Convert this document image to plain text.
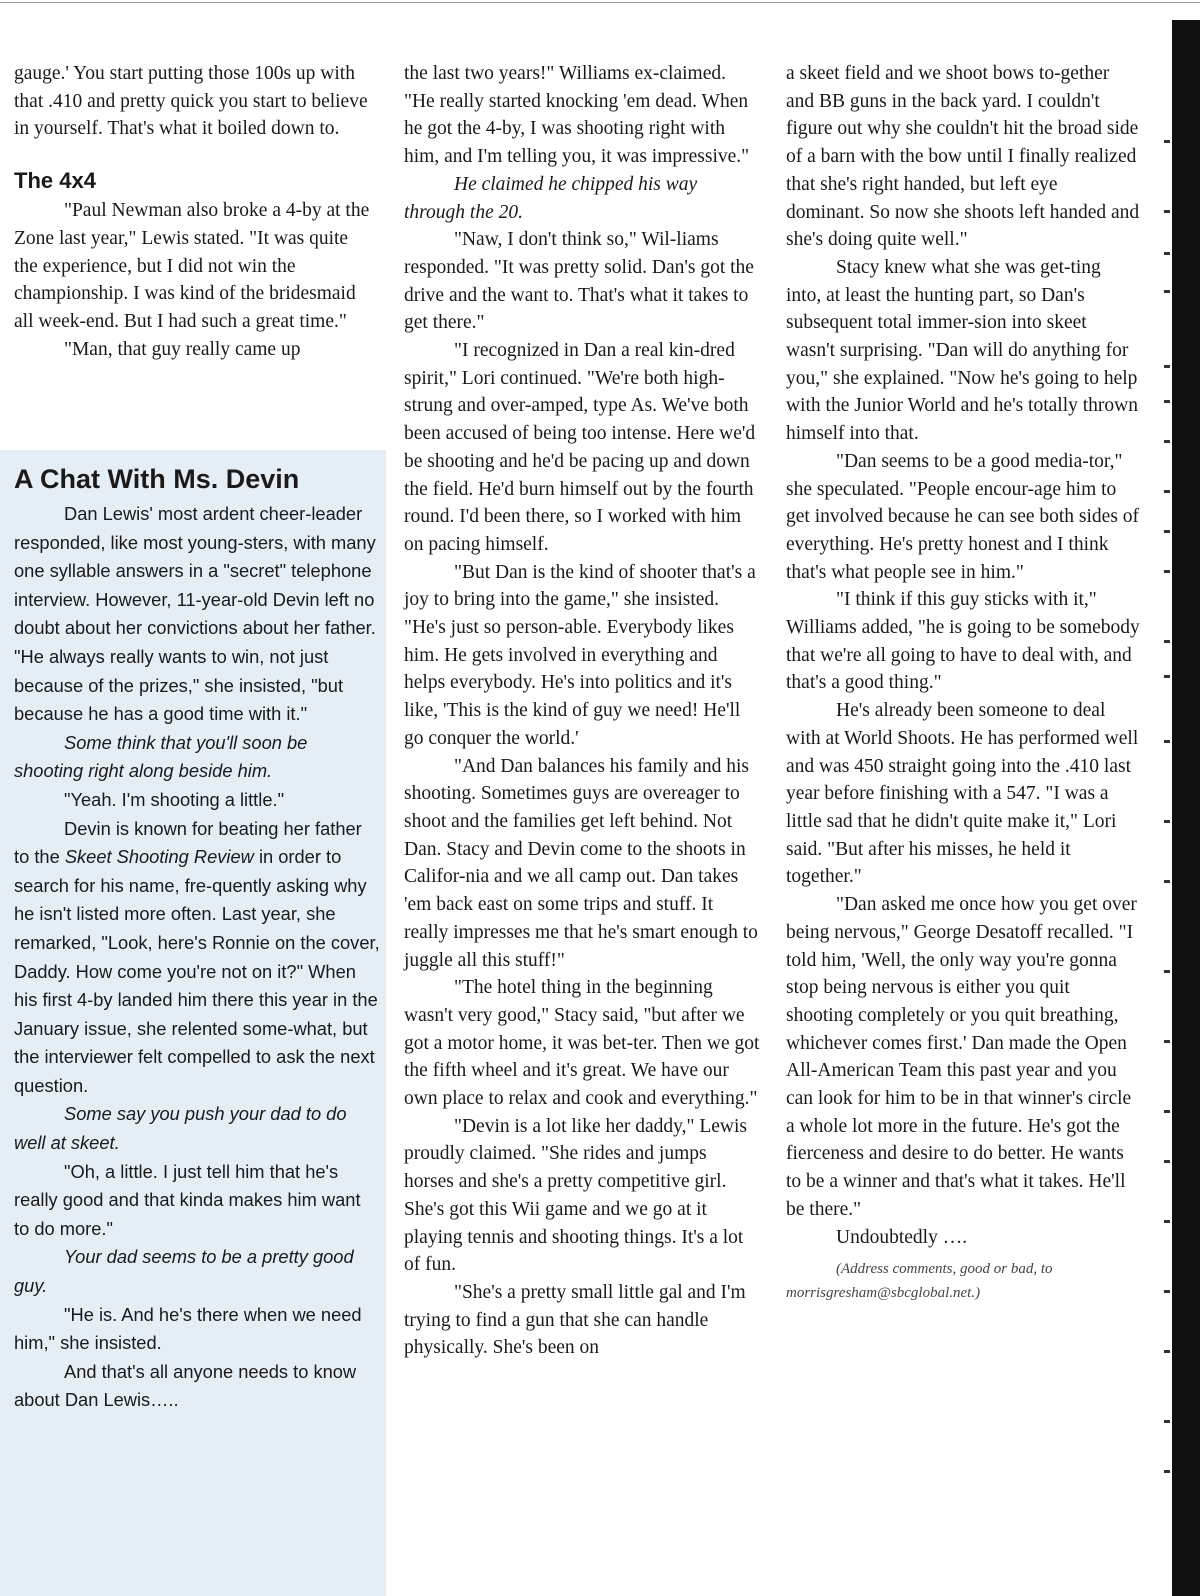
gauge.' You start putting those 100s up with that .410 and pretty quick you start to believe in yourself. That's what it boiled down to.

The 4x4

"Paul Newman also broke a 4-by at the Zone last year," Lewis stated. "It was quite the experience, but I did not win the championship. I was kind of the bridesmaid all week-end. But I had such a great time."

"Man, that guy really came up

A Chat With Ms. Devin

Dan Lewis' most ardent cheer-leader responded, like most young-sters, with many one syllable answers in a "secret" telephone interview. However, 11-year-old Devin left no doubt about her convictions about her father. "He always really wants to win, not just because of the prizes," she insisted, "but because he has a good time with it."

Some think that you'll soon be shooting right along beside him.

"Yeah. I'm shooting a little."

Devin is known for beating her father to the Skeet Shooting Review in order to search for his name, fre-quently asking why he isn't listed more often. Last year, she remarked, "Look, here's Ronnie on the cover, Daddy. How come you're not on it?" When his first 4-by landed him there this year in the January issue, she relented some-what, but the interviewer felt compelled to ask the next question.

Some say you push your dad to do well at skeet.

"Oh, a little. I just tell him that he's really good and that kinda makes him want to do more."

Your dad seems to be a pretty good guy.

"He is. And he's there when we need him," she insisted.

And that's all anyone needs to know about Dan Lewis…..

the last two years!" Williams ex-claimed. "He really started knocking 'em dead. When he got the 4-by, I was shooting right with him, and I'm telling you, it was impressive."

He claimed he chipped his way through the 20.

"Naw, I don't think so," Wil-liams responded. "It was pretty solid. Dan's got the drive and the want to. That's what it takes to get there."

"I recognized in Dan a real kin-dred spirit," Lori continued. "We're both high-strung and over-amped, type As. We've both been accused of being too intense. Here we'd be shooting and he'd be pacing up and down the field. He'd burn himself out by the fourth round. I'd been there, so I worked with him on pacing himself.

"But Dan is the kind of shooter that's a joy to bring into the game," she insisted. "He's just so person-able. Everybody likes him. He gets involved in everything and helps everybody. He's into politics and it's like, 'This is the kind of guy we need! He'll go conquer the world.'

"And Dan balances his family and his shooting. Sometimes guys are overeager to shoot and the families get left behind. Not Dan. Stacy and Devin come to the shoots in Califor-nia and we all camp out. Dan takes 'em back east on some trips and stuff. It really impresses me that he's smart enough to juggle all this stuff!"

"The hotel thing in the beginning wasn't very good," Stacy said, "but after we got a motor home, it was bet-ter. Then we got the fifth wheel and it's great. We have our own place to relax and cook and everything."

"Devin is a lot like her daddy," Lewis proudly claimed. "She rides and jumps horses and she's a pretty competitive girl. She's got this Wii game and we go at it playing tennis and shooting things. It's a lot of fun.

"She's a pretty small little gal and I'm trying to find a gun that she can handle physically. She's been on

a skeet field and we shoot bows to-gether and BB guns in the back yard. I couldn't figure out why she couldn't hit the broad side of a barn with the bow until I finally realized that she's right handed, but left eye dominant. So now she shoots left handed and she's doing quite well."

Stacy knew what she was get-ting into, at least the hunting part, so Dan's subsequent total immer-sion into skeet wasn't surprising. "Dan will do anything for you," she explained. "Now he's going to help with the Junior World and he's totally thrown himself into that.

"Dan seems to be a good media-tor," she speculated. "People encour-age him to get involved because he can see both sides of everything. He's pretty honest and I think that's what people see in him."

"I think if this guy sticks with it," Williams added, "he is going to be somebody that we're all going to have to deal with, and that's a good thing."

He's already been someone to deal with at World Shoots. He has performed well and was 450 straight going into the .410 last year before finishing with a 547. "I was a little sad that he didn't quite make it," Lori said. "But after his misses, he held it together."

"Dan asked me once how you get over being nervous," George Desatoff recalled. "I told him, 'Well, the only way you're gonna stop being nervous is either you quit shooting completely or you quit breathing, whichever comes first.' Dan made the Open All-American Team this past year and you can look for him to be in that winner's circle a whole lot more in the future. He's got the fierceness and desire to do better. He wants to be a winner and that's what it takes. He'll be there."

Undoubtedly ….

(Address comments, good or bad, to morrisgresham@sbcglobal.net.)
